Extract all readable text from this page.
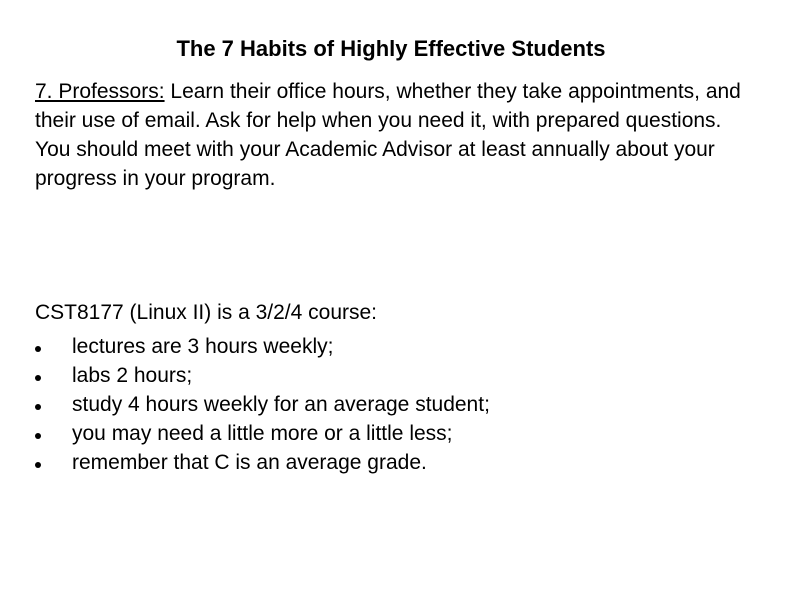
The 7 Habits of Highly Effective Students
7. Professors: Learn their office hours, whether they take appointments, and their use of email. Ask for help when you need it, with prepared questions. You should meet with your Academic Advisor at least annually about your progress in your program.
CST8177 (Linux II) is a 3/2/4 course:
lectures are 3 hours weekly;
labs 2 hours;
study 4 hours weekly for an average student;
you may need a little more or a little less;
remember that C is an average grade.
